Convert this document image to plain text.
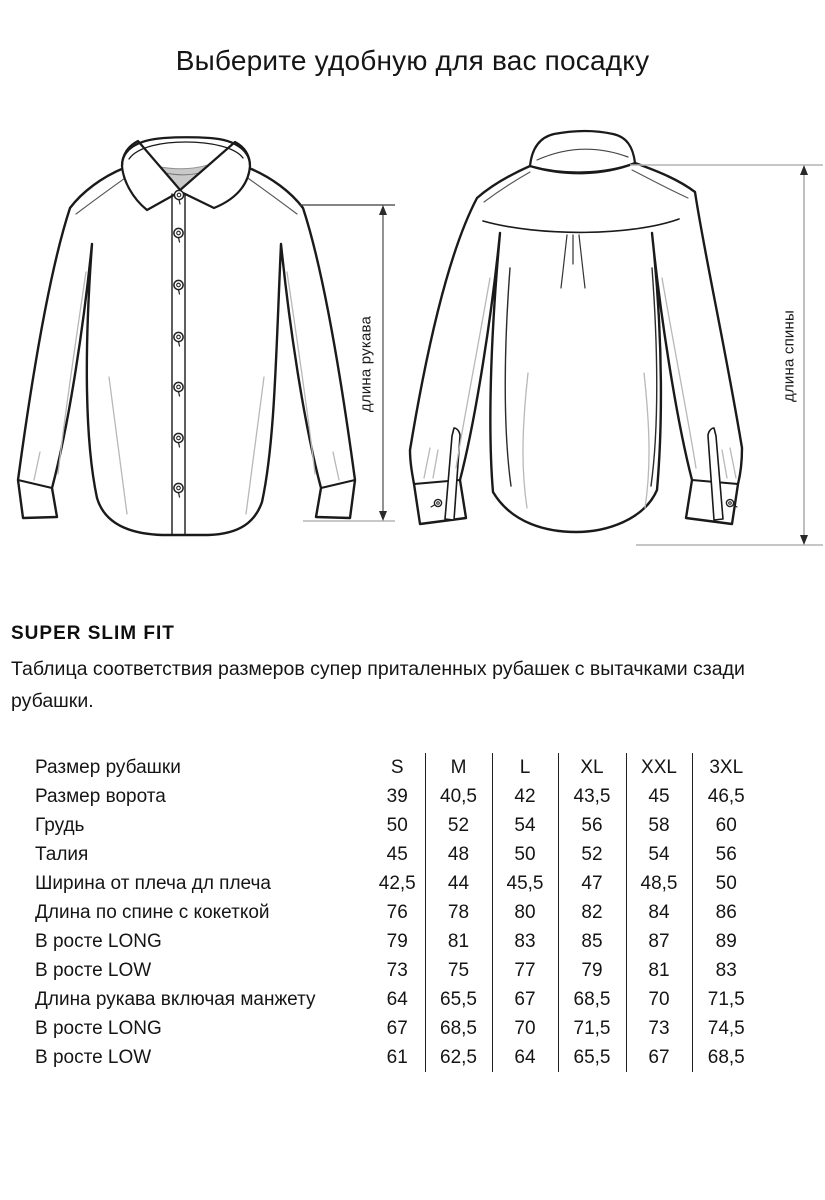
Выберите удобную для вас посадку
длина рукава	длина спины
SUPER SLIM FIT

Таблица соответствия размеров супер приталенных рубашек с вытачками сзади рубашки.

Размер рубашки	S	M	L	XL	XXL	3XL
Размер ворота	39	40,5	42	43,5	45	46,5
Грудь	50	52	54	56	58	60
Талия	45	48	50	52	54	56
Ширина от плеча дл плеча	42,5	44	45,5	47	48,5	50
Длина по спине с кокеткой	76	78	80	82	84	86
В росте LONG	79	81	83	85	87	89
В росте LOW	73	75	77	79	81	83
Длина рукава включая манжету	64	65,5	67	68,5	70	71,5
В росте LONG	67	68,5	70	71,5	73	74,5
В росте LOW	61	62,5	64	65,5	67	68,5
